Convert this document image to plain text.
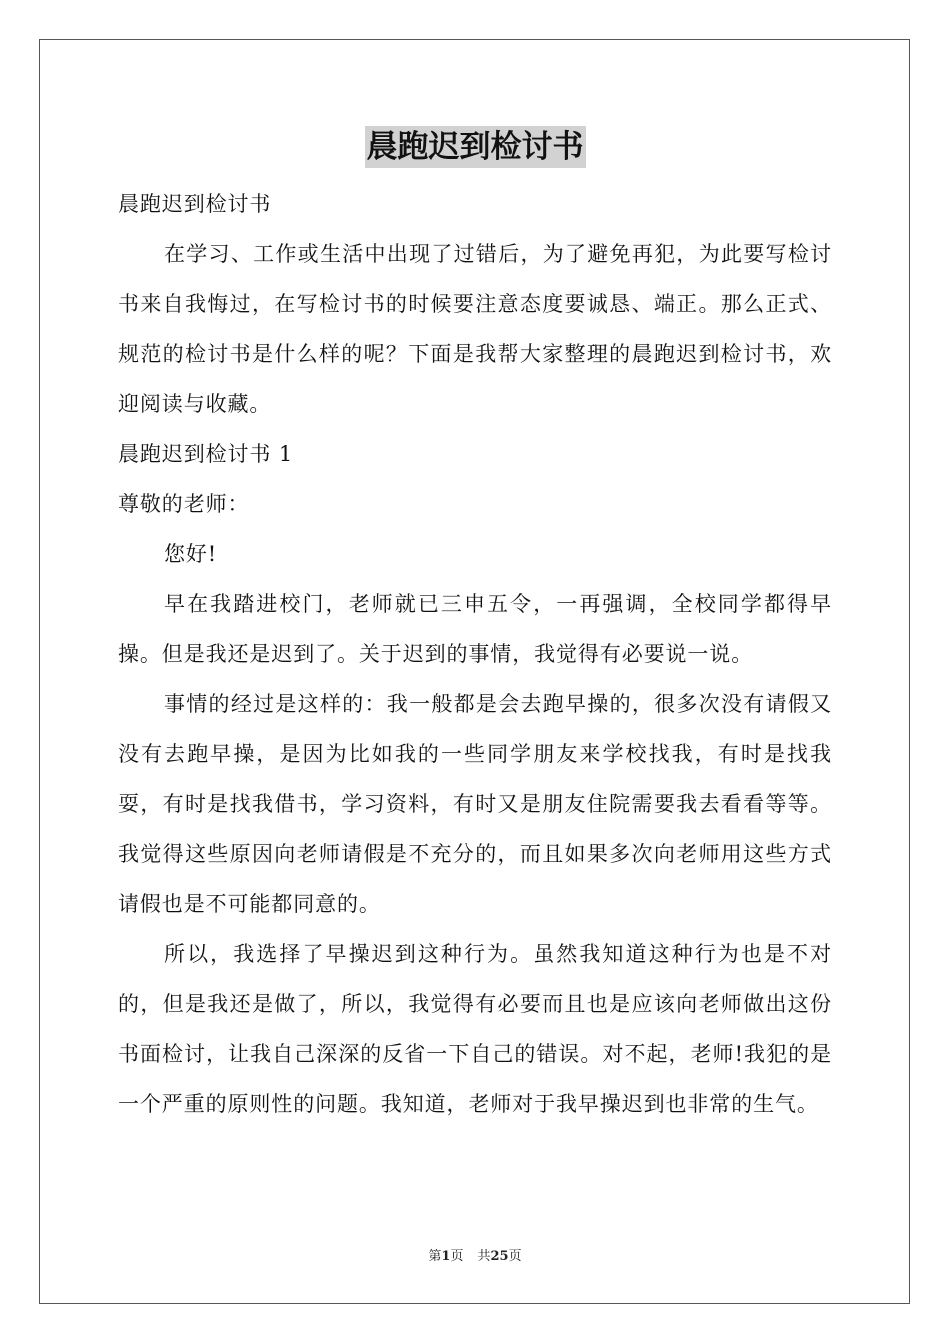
晨跑迟到检讨书

晨跑迟到检讨书

在学习、工作或生活中出现了过错后，为了避免再犯，为此要写检讨书来自我悔过，在写检讨书的时候要注意态度要诚恳、端正。那么正式、规范的检讨书是什么样的呢？下面是我帮大家整理的晨跑迟到检讨书，欢迎阅读与收藏。

晨跑迟到检讨书 1

尊敬的老师：

您好!

早在我踏进校门，老师就已三申五令，一再强调，全校同学都得早操。但是我还是迟到了。关于迟到的事情，我觉得有必要说一说。

事情的经过是这样的：我一般都是会去跑早操的，很多次没有请假又没有去跑早操，是因为比如我的一些同学朋友来学校找我，有时是找我耍，有时是找我借书，学习资料，有时又是朋友住院需要我去看看等等。我觉得这些原因向老师请假是不充分的，而且如果多次向老师用这些方式请假也是不可能都同意的。

所以，我选择了早操迟到这种行为。虽然我知道这种行为也是不对的，但是我还是做了，所以，我觉得有必要而且也是应该向老师做出这份书面检讨，让我自己深深的反省一下自己的错误。对不起，老师!我犯的是一个严重的原则性的问题。我知道，老师对于我早操迟到也非常的生气。

第1页 共25页
